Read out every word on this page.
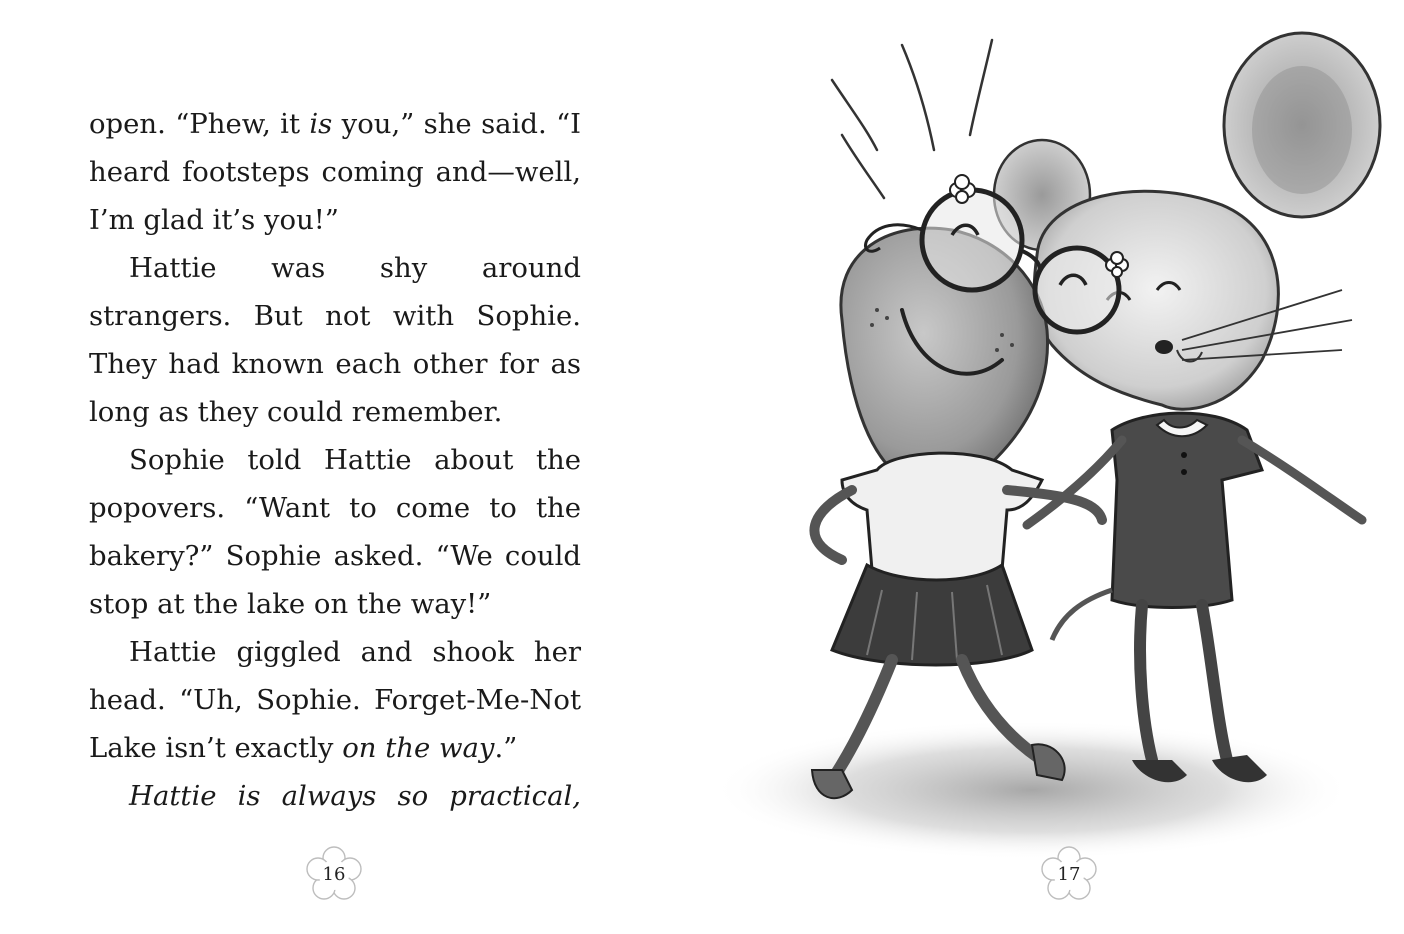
open. “Phew, it is you,” she said. “I heard footsteps coming and—well, I’m glad it’s you!”

Hattie was shy around strangers. But not with Sophie. They had known each other for as long as they could remember.

Sophie told Hattie about the popovers. “Want to come to the bakery?” Sophie asked. “We could stop at the lake on the way!”

Hattie giggled and shook her head. “Uh, Sophie. Forget-Me-Not Lake isn’t exactly on the way.”

Hattie is always so practical,

16	17
